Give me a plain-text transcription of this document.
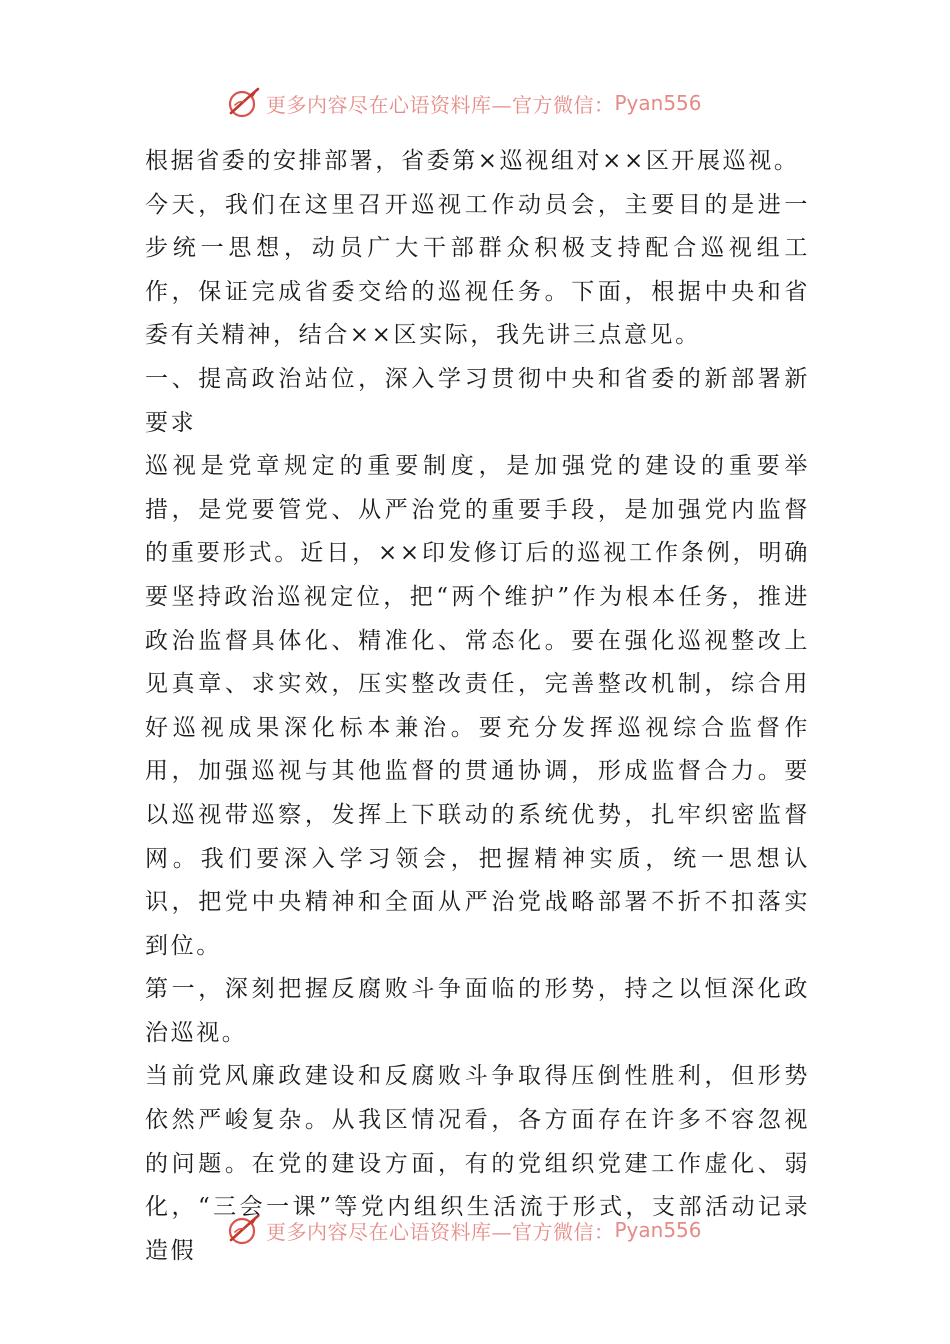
更多内容尽在心语资料库—官方微信： Pyan556

根据省委的安排部署，省委第×巡视组对××区开展巡视。

今天，我们在这里召开巡视工作动员会，主要目的是进一步统一思想，动员广大干部群众积极支持配合巡视组工作，保证完成省委交给的巡视任务。下面，根据中央和省委有关精神，结合××区实际，我先讲三点意见。

一、提高政治站位，深入学习贯彻中央和省委的新部署新要求

巡视是党章规定的重要制度，是加强党的建设的重要举措，是党要管党、从严治党的重要手段，是加强党内监督的重要形式。近日，××印发修订后的巡视工作条例，明确要坚持政治巡视定位，把“两个维护”作为根本任务，推进政治监督具体化、精准化、常态化。要在强化巡视整改上见真章、求实效，压实整改责任，完善整改机制，综合用好巡视成果深化标本兼治。要充分发挥巡视综合监督作用，加强巡视与其他监督的贯通协调，形成监督合力。要以巡视带巡察，发挥上下联动的系统优势，扎牢织密监督网。我们要深入学习领会，把握精神实质，统一思想认识，把党中央精神和全面从严治党战略部署不折不扣落实到位。

第一，深刻把握反腐败斗争面临的形势，持之以恒深化政治巡视。

当前党风廉政建设和反腐败斗争取得压倒性胜利，但形势依然严峻复杂。从我区情况看，各方面存在许多不容忽视的问题。在党的建设方面，有的党组织党建工作虚化、弱化，“三会一课”等党内组织生活流于形式，支部活动记录造假

更多内容尽在心语资料库—官方微信： Pyan556
